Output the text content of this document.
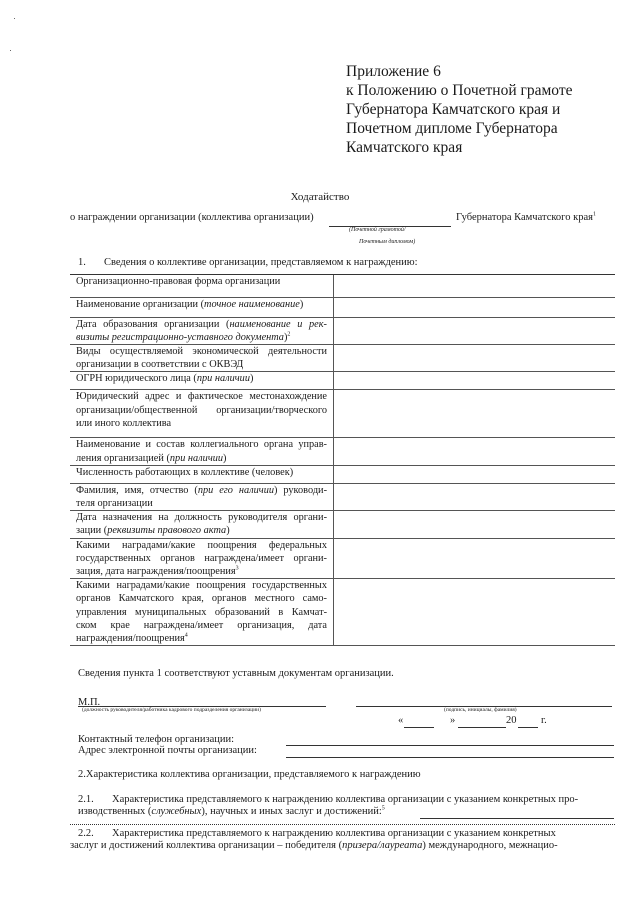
Приложение 6
к Положению о Почетной грамоте
Губернатора Камчатского края и
Почетном дипломе Губернатора
Камчатского края
Ходатайство
о награждении организации (коллектива организации)
(Почетной грамотой/
Почетным дипломом)
Губернатора Камчатского края$^1$
1. Сведения о коллективе организации, представляемом к награждению:
Организационно-правовая форма организации	

Наименование организации (точное наименование)	

Дата образования организации (наименование и рек-
визиты регистрационно-уставного документа)$^2$

Виды осуществляемой экономической деятельности
организации в соответствии с ОКВЭД	

ОГРН юридического лица (при наличии)	

Юридический адрес и фактическое местонахождение
организации/общественной организации/творческого
или иного коллектива	

Наименование и состав коллегиального органа управ-
ления организацией (при наличии)	

Численность работающих в коллективе (человек)	

Фамилия, имя, отчество (при его наличии) руководи-
теля организации	

Дата назначения на должность руководителя органи-
зации (реквизиты правового акта)	

Какими наградами/какие поощрения федеральных
государственных органов награждена/имеет органи-
зация, дата награждения/поощрения$^3$

Какими наградами/какие поощрения государственных
органов Камчатского края, органов местного само-
управления муниципальных образований в Камчат-
ском крае награждена/имеет организация, дата
награждения/поощрения$^4$

Сведения пункта 1 соответствуют уставным документам организации.
М.П.
(должность руководителя/работника кадрового подразделения организации)	(подпись, инициалы, фамилия)
«	»	20 г.
Контактный телефон организации:
Адрес электронной почты организации:
2.Характеристика коллектива организации, представляемого к награждению
2.1. Характеристика представляемого к награждению коллектива организации с указанием конкретных про-
изводственных (служебных), научных и иных заслуг и достижений:$^5$
2.2. Характеристика представляемого к награждению коллектива организации с указанием конкретных
заслуг и достижений коллектива организации – победителя (призера/лауреата) международного, межнацио-
